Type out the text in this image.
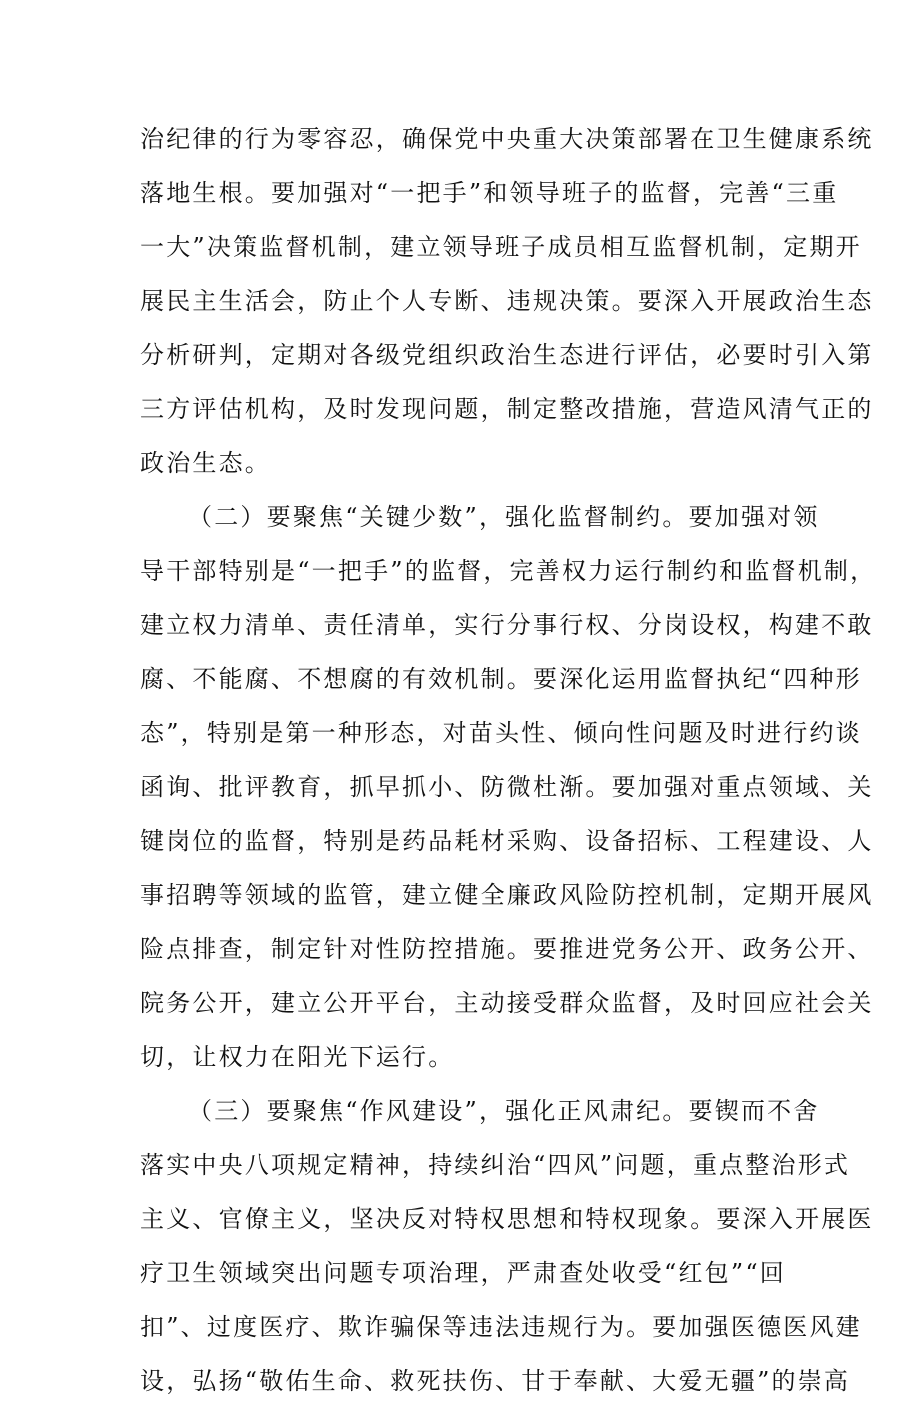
治纪律的行为零容忍，确保党中央重大决策部署在卫生健康系统
落地生根。要加强对“一把手”和领导班子的监督，完善“三重
一大”决策监督机制，建立领导班子成员相互监督机制，定期开
展民主生活会，防止个人专断、违规决策。要深入开展政治生态
分析研判，定期对各级党组织政治生态进行评估，必要时引入第
三方评估机构，及时发现问题，制定整改措施，营造风清气正的
政治生态。
（二）要聚焦“关键少数”，强化监督制约。要加强对领
导干部特别是“一把手”的监督，完善权力运行制约和监督机制，
建立权力清单、责任清单，实行分事行权、分岗设权，构建不敢
腐、不能腐、不想腐的有效机制。要深化运用监督执纪“四种形
态”，特别是第一种形态，对苗头性、倾向性问题及时进行约谈
函询、批评教育，抓早抓小、防微杜渐。要加强对重点领域、关
键岗位的监督，特别是药品耗材采购、设备招标、工程建设、人
事招聘等领域的监管，建立健全廉政风险防控机制，定期开展风
险点排查，制定针对性防控措施。要推进党务公开、政务公开、
院务公开，建立公开平台，主动接受群众监督，及时回应社会关
切，让权力在阳光下运行。
（三）要聚焦“作风建设”，强化正风肃纪。要锲而不舍
落实中央八项规定精神，持续纠治“四风”问题，重点整治形式
主义、官僚主义，坚决反对特权思想和特权现象。要深入开展医
疗卫生领域突出问题专项治理，严肃查处收受“红包”“回
扣”、过度医疗、欺诈骗保等违法违规行为。要加强医德医风建
设，弘扬“敬佑生命、救死扶伤、甘于奉献、大爱无疆”的崇高
